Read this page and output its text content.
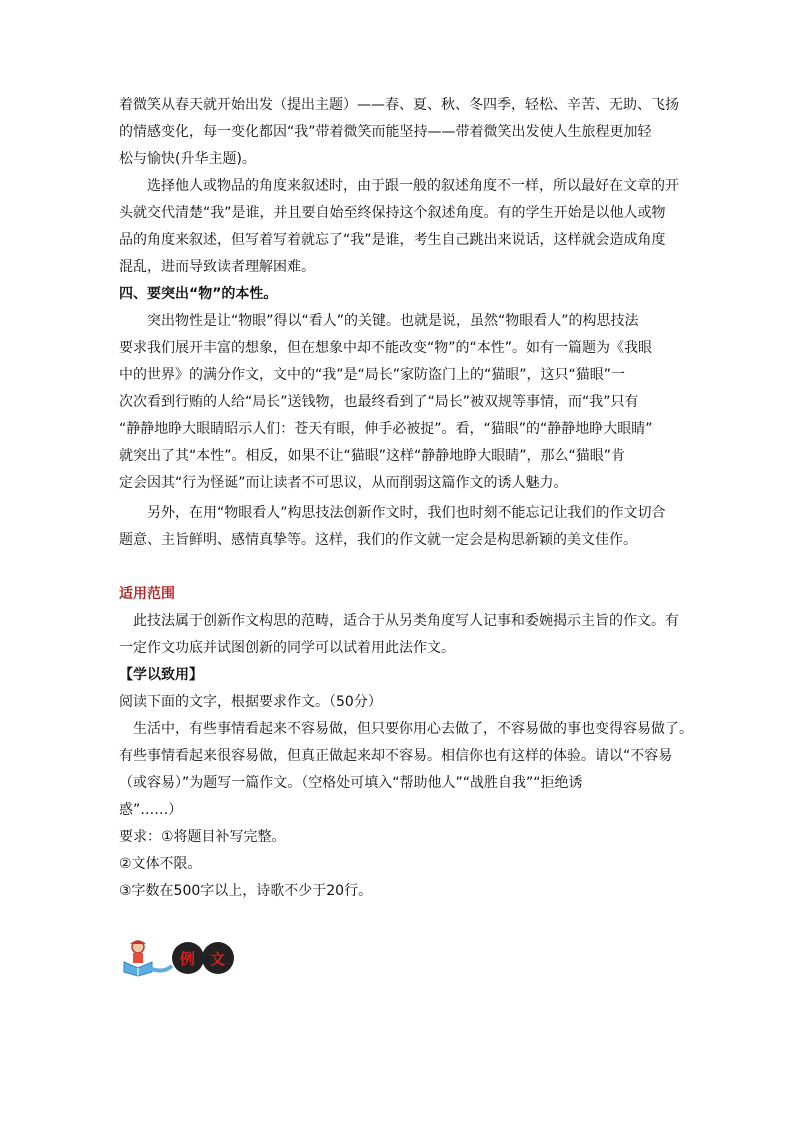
着微笑从春天就开始出发（提出主题）——春、夏、秋、冬四季，轻松、辛苦、无助、飞扬
的情感变化，每一变化都因“我”带着微笑而能坚持——带着微笑出发使人生旅程更加轻
松与愉快(升华主题)。
　　选择他人或物品的角度来叙述时，由于跟一般的叙述角度不一样，所以最好在文章的开
头就交代清楚“我”是谁，并且要自始至终保持这个叙述角度。有的学生开始是以他人或物
品的角度来叙述，但写着写着就忘了“我”是谁，考生自己跳出来说话，这样就会造成角度
混乱，进而导致读者理解困难。
四、要突出“物”的本性。
　　突出物性是让“物眼”得以“看人”的关键。也就是说，虽然“物眼看人”的构思技法
要求我们展开丰富的想象，但在想象中却不能改变“物”的“本性”。如有一篇题为《我眼
中的世界》的满分作文，文中的“我”是“局长”家防盗门上的“猫眼”，这只“猫眼”一
次次看到行贿的人给“局长”送钱物，也最终看到了“局长”被双规等事情，而“我”只有
“静静地睁大眼睛昭示人们：苍天有眼，伸手必被捉”。看，“猫眼”的“静静地睁大眼睛”
就突出了其“本性”。相反，如果不让“猫眼”这样“静静地睁大眼睛”，那么“猫眼”肯
定会因其“行为怪诞”而让读者不可思议，从而削弱这篇作文的诱人魅力。
　　另外，在用“物眼看人”构思技法创新作文时，我们也时刻不能忘记让我们的作文切合
题意、主旨鲜明、感情真挚等。这样，我们的作文就一定会是构思新颖的美文佳作。
适用范围
　此技法属于创新作文构思的范畴，适合于从另类角度写人记事和委婉揭示主旨的作文。有
一定作文功底并试图创新的同学可以试着用此法作文。
【学以致用】
阅读下面的文字，根据要求作文。（50分）
　生活中，有些事情看起来不容易做，但只要你用心去做了，不容易做的事也变得容易做了。
有些事情看起来很容易做，但真正做起来却不容易。相信你也有这样的体验。请以“不容易
（或容易）”为题写一篇作文。（空格处可填入“帮助他人”“战胜自我”“拒绝诱
惑”……）
要求：①将题目补写完整。
②文体不限。
③字数在500字以上，诗歌不少于20行。
例 文
